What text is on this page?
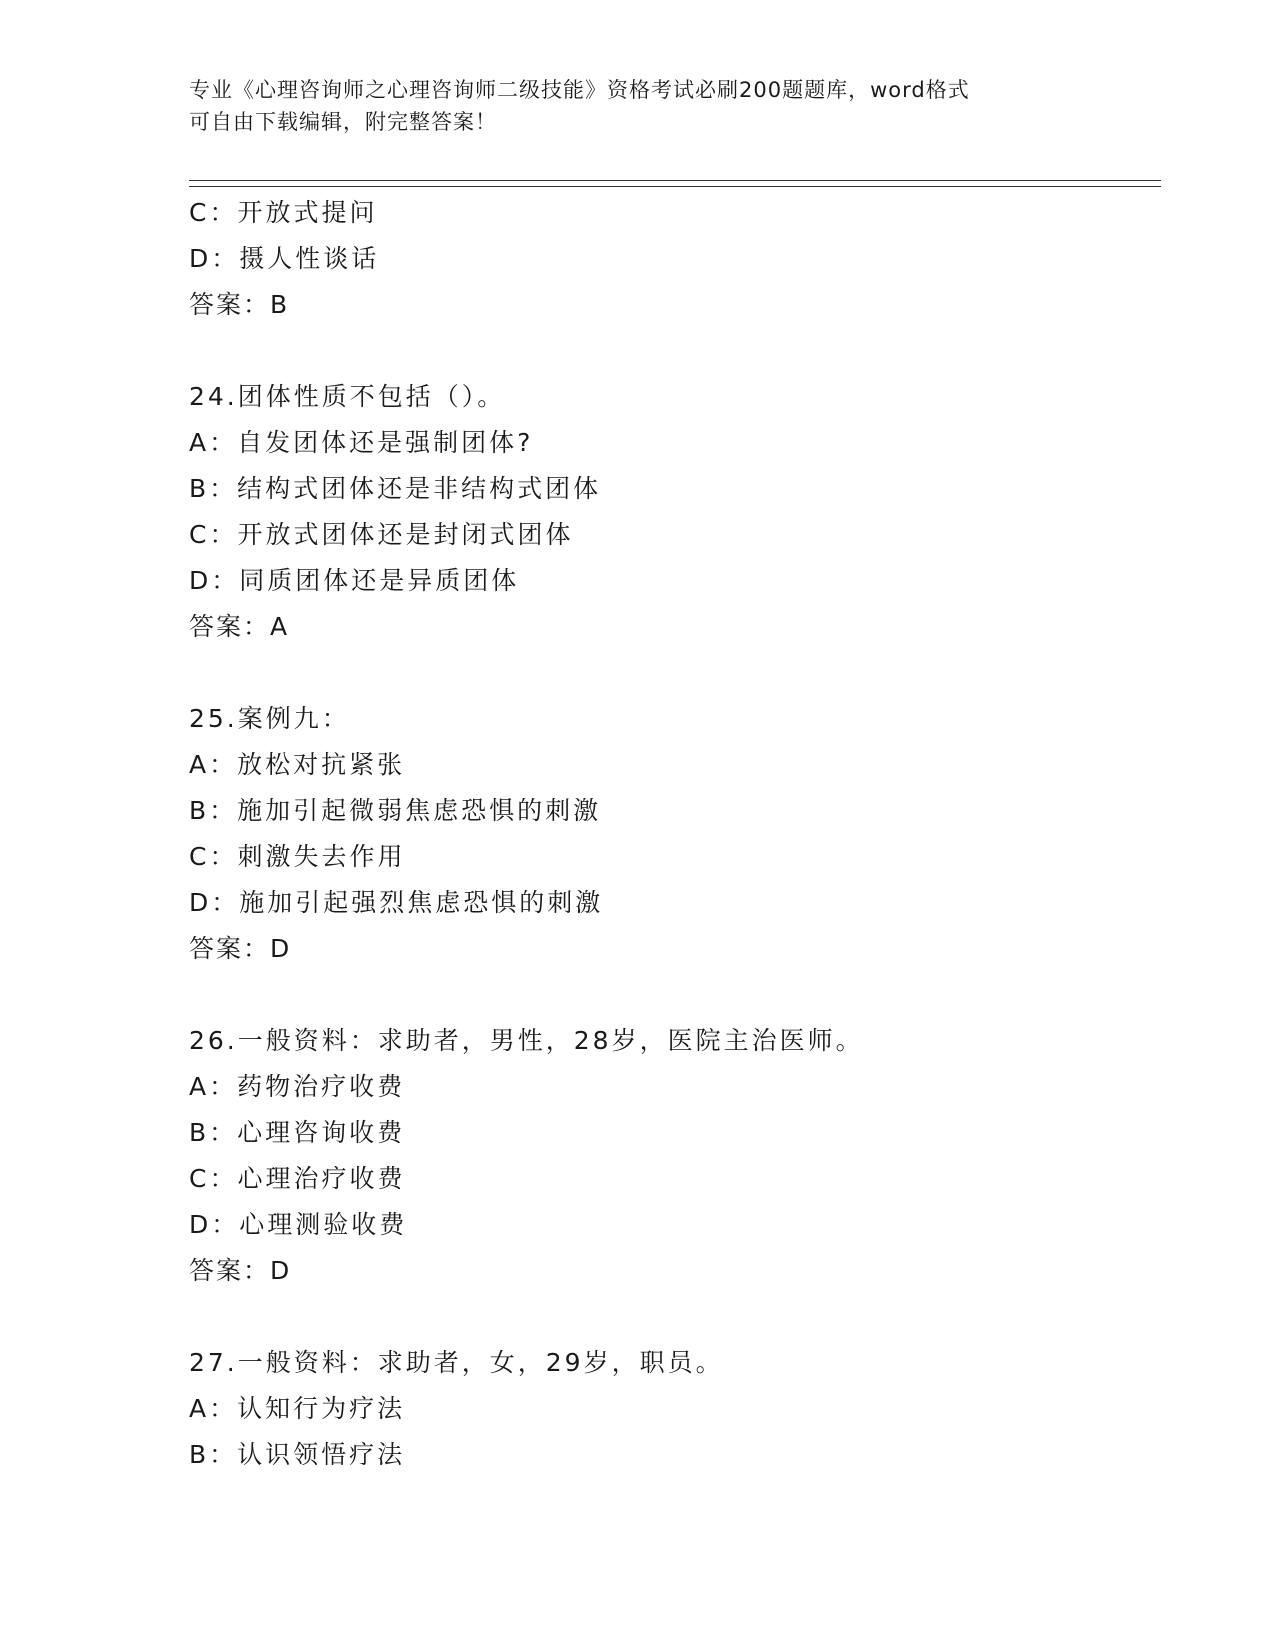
专业《心理咨询师之心理咨询师二级技能》资格考试必刷200题题库，word格式
可自由下载编辑，附完整答案！
C：开放式提问
D：摄人性谈话
答案：B
24.团体性质不包括（）。
A：自发团体还是强制团体?
B：结构式团体还是非结构式团体
C：开放式团体还是封闭式团体
D：同质团体还是异质团体
答案：A
25.案例九：
A：放松对抗紧张
B：施加引起微弱焦虑恐惧的刺激
C：刺激失去作用
D：施加引起强烈焦虑恐惧的刺激
答案：D
26.一般资料：求助者，男性，28岁，医院主治医师。
A：药物治疗收费
B：心理咨询收费
C：心理治疗收费
D：心理测验收费
答案：D
27.一般资料：求助者，女，29岁，职员。
A：认知行为疗法
B：认识领悟疗法
